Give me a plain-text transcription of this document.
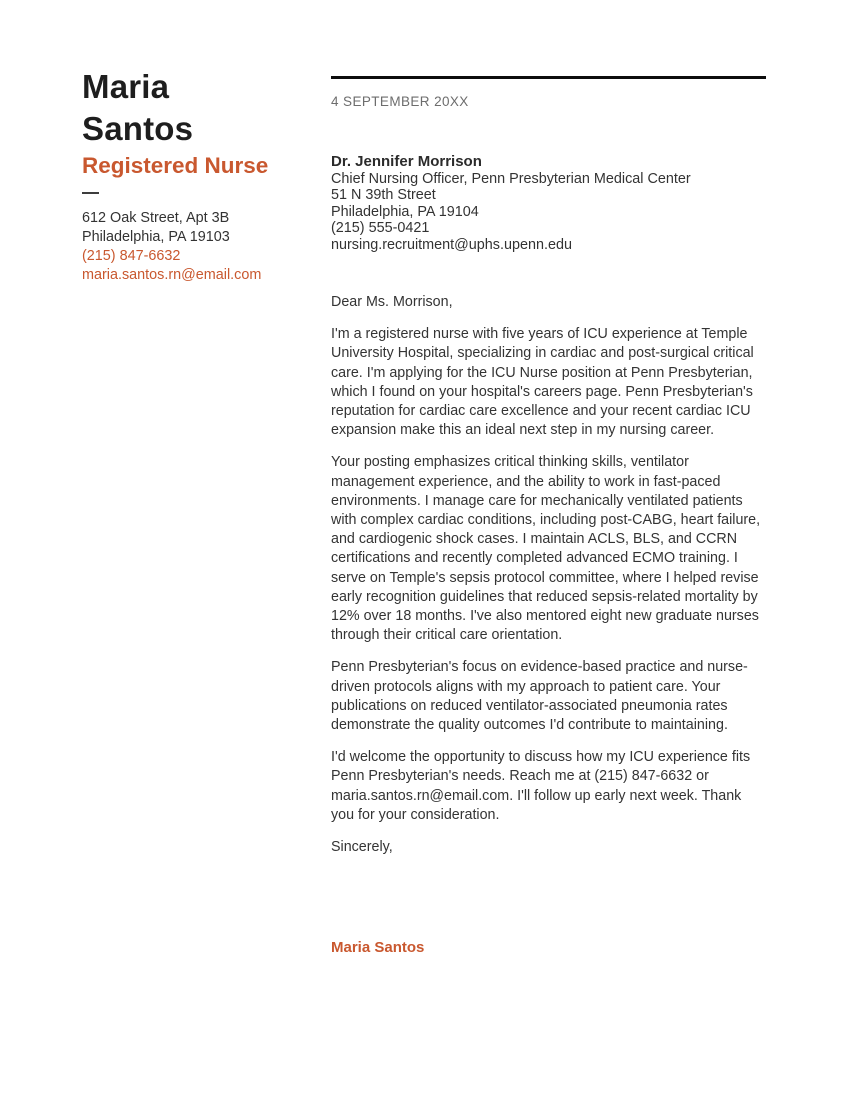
Maria
Santos
Registered Nurse
612 Oak Street, Apt 3B
Philadelphia, PA 19103
(215) 847-6632
maria.santos.rn@email.com
4 SEPTEMBER 20XX
Dr. Jennifer Morrison
Chief Nursing Officer, Penn Presbyterian Medical Center
51 N 39th Street
Philadelphia, PA 19104
(215) 555-0421
nursing.recruitment@uphs.upenn.edu

Dear Ms. Morrison,

I'm a registered nurse with five years of ICU experience at Temple University Hospital, specializing in cardiac and post-surgical critical care. I'm applying for the ICU Nurse position at Penn Presbyterian, which I found on your hospital's careers page. Penn Presbyterian's reputation for cardiac care excellence and your recent cardiac ICU expansion make this an ideal next step in my nursing career.

Your posting emphasizes critical thinking skills, ventilator management experience, and the ability to work in fast-paced environments. I manage care for mechanically ventilated patients with complex cardiac conditions, including post-CABG, heart failure, and cardiogenic shock cases. I maintain ACLS, BLS, and CCRN certifications and recently completed advanced ECMO training. I serve on Temple's sepsis protocol committee, where I helped revise early recognition guidelines that reduced sepsis-related mortality by 12% over 18 months. I've also mentored eight new graduate nurses through their critical care orientation.

Penn Presbyterian's focus on evidence-based practice and nurse-driven protocols aligns with my approach to patient care. Your publications on reduced ventilator-associated pneumonia rates demonstrate the quality outcomes I'd contribute to maintaining.

I'd welcome the opportunity to discuss how my ICU experience fits Penn Presbyterian's needs. Reach me at (215) 847-6632 or maria.santos.rn@email.com. I'll follow up early next week. Thank you for your consideration.

Sincerely,

Maria Santos
